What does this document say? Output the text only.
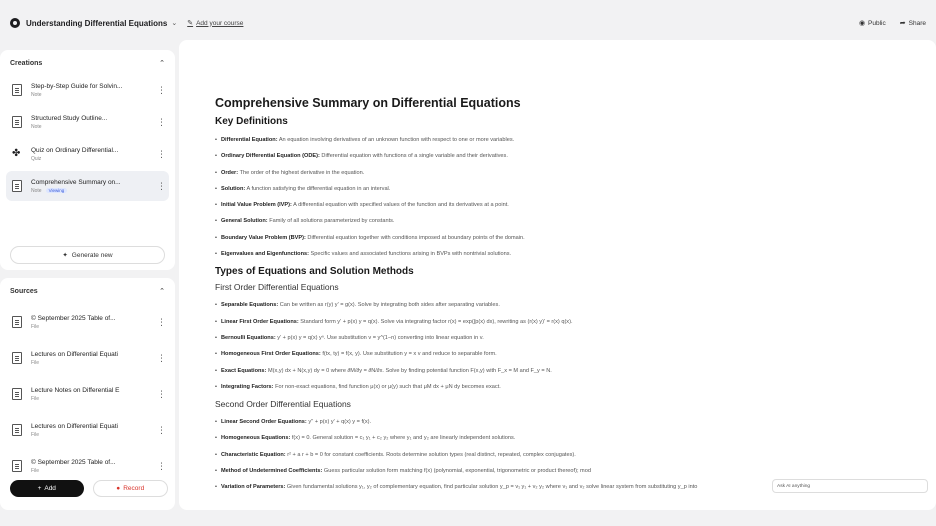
Understanding Differential Equations ⌄ ✎ Add your course	◉ Public ➦ Share
Creations	⌃
Step-by-Step Guide for Solvin...
Note	⋮
Structured Study Outline...
Note	⋮
✤ Quiz on Ordinary Differential...
Quiz	⋮
Comprehensive Summary on...
Note	Viewing	⋮
✦ Generate new
Sources	⌃
© September 2025 Table of...
File	⋮
Lectures on Differential Equati
File	⋮
Lecture Notes on Differential E
File	⋮
Lectures on Differential Equati
File	⋮
© September 2025 Table of...
File	⋮
+ Add	● Record
Comprehensive Summary on Differential Equations
Key Definitions
• Differential Equation: An equation involving derivatives of an unknown function with respect to one or more variables.
• Ordinary Differential Equation (ODE): Differential equation with functions of a single variable and their derivatives.
• Order: The order of the highest derivative in the equation.
• Solution: A function satisfying the differential equation in an interval.
• Initial Value Problem (IVP): A differential equation with specified values of the function and its derivatives at a point.
• General Solution: Family of all solutions parameterized by constants.
• Boundary Value Problem (BVP): Differential equation together with conditions imposed at boundary points of the domain.
• Eigenvalues and Eigenfunctions: Specific values and associated functions arising in BVPs with nontrivial solutions.
Types of Equations and Solution Methods
First Order Differential Equations
• Separable Equations: Can be written as r(y) y' = g(x). Solve by integrating both sides after separating variables.
• Linear First Order Equations: Standard form y' + p(x) y = q(x). Solve via integrating factor r(x) = exp(∫p(x) dx), rewriting as (r(x) y)' = r(x) q(x).
• Bernoulli Equations: y' + p(x) y = q(x) yⁿ. Use substitution v = y^(1−n) converting into linear equation in v.
• Homogeneous First Order Equations: f(tx, ty) = f(x, y). Use substitution y = x v and reduce to separable form.
• Exact Equations: M(x,y) dx + N(x,y) dy = 0 where ∂M/∂y = ∂N/∂x. Solve by finding potential function F(x,y) with F_x = M and F_y = N.
• Integrating Factors: For non-exact equations, find function μ(x) or μ(y) such that μM dx + μN dy becomes exact.
Second Order Differential Equations
• Linear Second Order Equations: y'' + p(x) y' + q(x) y = f(x).
• Homogeneous Equations: f(x) = 0. General solution = c₁ y₁ + c₂ y₂ where y₁ and y₂ are linearly independent solutions.
• Characteristic Equation: r² + a r + b = 0 for constant coefficients. Roots determine solution types (real distinct, repeated, complex conjugates).
• Method of Undetermined Coefficients: Guess particular solution form matching f(x) (polynomial, exponential, trigonometric or product thereof); mod
• Variation of Parameters: Given fundamental solutions y₁, y₂ of complementary equation, find particular solution y_p = v₁ y₁ + v₂ y₂ where v₁ and v₂ solve linear system from substituting y_p into	Ask AI anything
